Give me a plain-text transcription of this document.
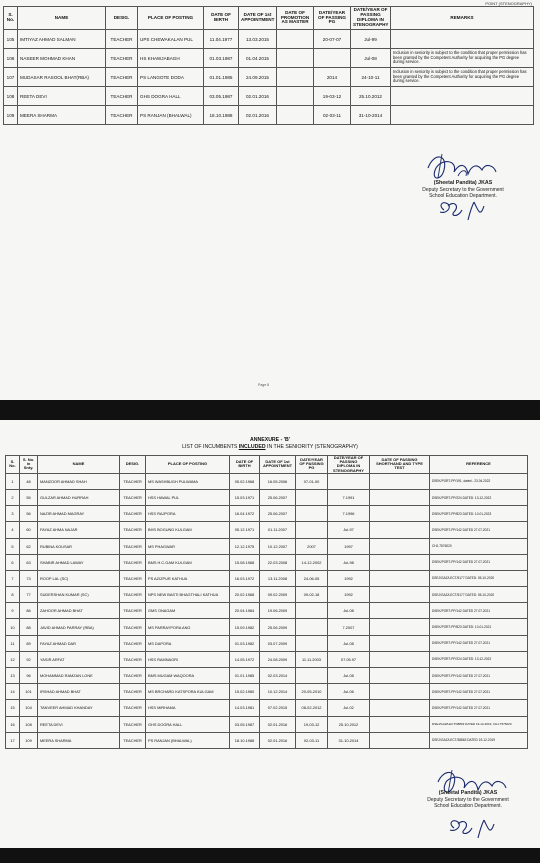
POINT (STENOGRAPHY)
S. No.	NAME	DESIG.	PLACE OF POSTING	DATE OF BIRTH	DATE OF 1st APPOINTMENT	DATE OF PROMOTION AS MASTER	DATE/YEAR OF PASSING PG	DATE/YEAR OF PASSING DIPLOMA IN STENOGRAPHY	REMARKS
105	IMTIYAZ AHMAD SALMAN	TEACHER	UPS CHEWAKALAN PUL	11.04.1977	13.03.2015		20-07-07	Jul-99	
106	NASEER MOHMAD KHAN	TEACHER	HS KHAWJABAGH	01.03.1987	01.04.2015			Jul-08	Inclusion in seniority is subject to the condition that proper permission has been granted by the Competent Authority for acquiring the PG degree during service.
107	MUDASAR RASOOL BHAT(RBA)	TEACHER	PS LANGOTE DODA	01.01.1985	24.09.2015		2014	24-10-11	Inclusion in seniority is subject to the condition that proper permission has been granted by the Competent Authority for acquiring the PG degree during service.
108	REETA DEVI	TEACHER	GHS DOGRA HALL	03.05.1987	02.01.2016		19-03-12	25.10.2012	
109	MEERA SHARMA	TEACHER	PS RANJAN (BHALWAL)	18.10.1988	02.01.2016		02-03-11	31-10-2014	
(Sheetal Pandita) JKAS
Deputy Secretary to the Government
School Education Department.
Page 8
ANNEXURE - 'B'
LIST OF INCUMBENTS INCLUDED IN THE SENIORITY (STENOGRAPHY)
S. No.	S. No. in Snty.	NAME	DESIG.	PLACE OF POSTING	DATE OF BIRTH	DATE OF 1st APPOINTMENT	DATE/YEAR OF PASSING PG	DATE/YEAR OF PASSING DIPLOMA IN STENOGRAPHY	DATE OF PASSING SHORTHAND AND TYPE TEST	REFERENCE
1	48	MANZOOR AHMAD SHAH	TEACHER	MS WASHBUGH PULWAMA	05.02.1968	16.05.2006	07-01-00			DSEK/PORT-PP/191, dated:- 23.04.2022
2	55	GULZAR AHMAD HURRAH	TEACHER	HSS HAWAL PUL	15.03.1971	25.06.2007		7.1991		DSEK/PORT-PP/224 DATED: 13-12-2022
3	56	NAZIR AHMAD MAGRAY	TEACHER	HSS RAJPORA	16.04.1972	25.06.2007		7.1996		DSEK/PORT-PP/823 DATED: 10-01-2023
4	60	FAYAZ AHMA NAJAR	TEACHER	BHS BOGUND KULGAM	05.12.1971	01.11.2007		Jul-97		DSEK/PORT-PP/142 DATED 27.07.2021
5	62	RUBINA KOUSAR	TEACHER	MS PHAGWAR	12.12.1975	10.12.2007	2007	1997		CHJ-7576020
6	63	SHABIR AHMAD LAWAY	TEACHER	BMS H.C.GAM KULGAM	15.08.1968	22.03.2008	14-12-2002	Jul-98		DSEK/PORT-PP/142 DATED 27.07.2021
7	73	ROOP LAL (SC)	TEACHER	PS AZIZPUR KATHUA	16.03.1972	13.11.2008	24-06-05	1992		DSEJ/GAZ/LECT/5177 DATED: 05-10-2020
8	77	SUDERSHAN KUMAR (SC)	TEACHER	NPS NEW BASTI BHAGTHALI KATHUA	20.02.1968	09.02.2009	09-02-18	1992		DSEJ/GAZ/LECT/5177 DATED: 05-10-2020
9	86	ZAHOOR AHMAD BHAT	TEACHER	GMS ONAGAM	20.04.1984	19.06.2009		Jul-08		DSEK/PORT-PP/142 DATED 27.07.2021
10	88	JAVID AHMAD PARRAY (RBA)	TEACHER	MS PARRAYPORA ANG	15.09.1982	25.06.2009		7.2007		DSEK/PORT-PP/823 DATED: 10-01-2021
11	89	FAYAZ AHMAD DAR	TEACHER	MS DAPORA	01.03.1982	03.07.2009		Jul-08		DSEK/PORT-PP/142 DATED 27.07.2021
12	92	YASIR ARFAT	TEACHER	HSS RAMNAGRI	14.05.1972	24.08.2009	11.11.2003	07.05.97		DSEK/PORT-PP/224 DATED: 13-12-2022
13	96	MOHAMMAD RAMZAN LONE	TEACHER	BMS MUGAM WAQOORA	01.01.1985	02.03.2014		Jul-08		DSEK/PORT-PP/142 DATED 27.07.2021
14	101	IRSHAD AHMAD BHAT	TEACHER	MS BRCHARD KATSPORA KULGAM	15.02.1980	10.12.2014	20-05-2010	Jul-06		DSEK/PORT-PP/142 DATED 27.07.2021
15	104	TANVEER AHMAD KHANDAY	TEACHER	HSS MIRHAMA	14.03.1981	07.02.2015	08-02-2012	Jul-02		DSEK/PORT-PP/142 DATED 27.07.2021
16	108	REETA DEVI	TEACHER	GHS DOGRA HALL	03.05.1987	02.01.2016	19-03-12	25.10.2012		DSEJ/GAZ/LECT/38863 DATED 19-12-2019, CHJ-7576020
17	109	MEERA SHARMA	TEACHER	PS RANJAN (BHALWAL)	18.10.1988	02.01.2016	02-03-11	31-10-2014		DSEJ/GAZ/LECT/38863 DATED 19-12-2019
(Sheetal Pandita) JKAS
Deputy Secretary to the Government
School Education Department.
